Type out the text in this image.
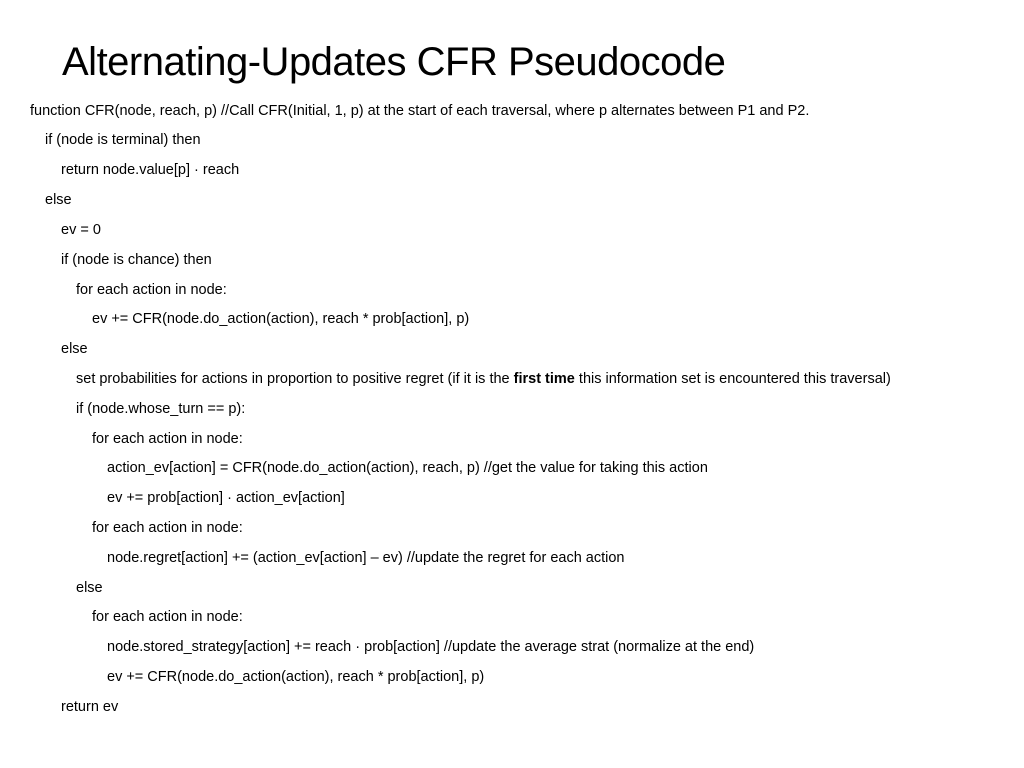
Alternating-Updates CFR Pseudocode
function CFR(node, reach, p) //Call CFR(Initial, 1, p) at the start of each traversal, where p alternates between P1 and P2.
if (node is terminal) then
return node.value[p] · reach
else
ev = 0
if (node is chance) then
for each action in node:
ev += CFR(node.do_action(action), reach * prob[action], p)
else
set probabilities for actions in proportion to positive regret (if it is the first time this information set is encountered this traversal)
if (node.whose_turn == p):
for each action in node:
action_ev[action] = CFR(node.do_action(action), reach, p) //get the value for taking this action
ev += prob[action] · action_ev[action]
for each action in node:
node.regret[action] += (action_ev[action] – ev) //update the regret for each action
else
for each action in node:
node.stored_strategy[action] += reach · prob[action] //update the average strat (normalize at the end)
ev += CFR(node.do_action(action), reach * prob[action], p)
return ev
